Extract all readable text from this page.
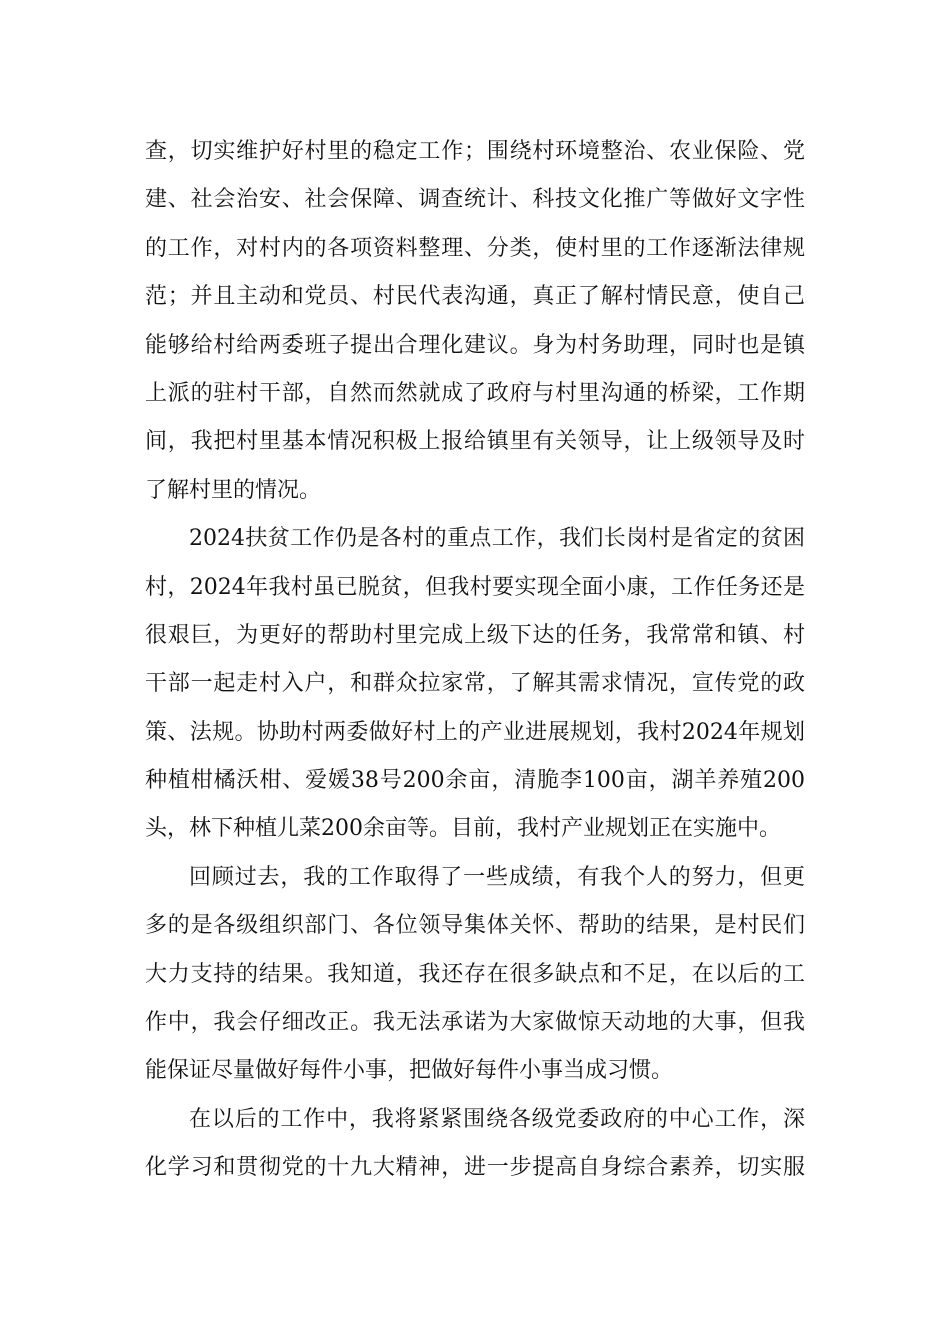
查，切实维护好村里的稳定工作；围绕村环境整治、农业保险、党
建、社会治安、社会保障、调查统计、科技文化推广等做好文字性
的工作，对村内的各项资料整理、分类，使村里的工作逐渐法律规
范；并且主动和党员、村民代表沟通，真正了解村情民意，使自己
能够给村给两委班子提出合理化建议。身为村务助理，同时也是镇
上派的驻村干部，自然而然就成了政府与村里沟通的桥梁，工作期
间，我把村里基本情况积极上报给镇里有关领导，让上级领导及时
了解村里的情况。
2024扶贫工作仍是各村的重点工作，我们长岗村是省定的贫困
村，2024年我村虽已脱贫，但我村要实现全面小康，工作任务还是
很艰巨，为更好的帮助村里完成上级下达的任务，我常常和镇、村
干部一起走村入户，和群众拉家常，了解其需求情况，宣传党的政
策、法规。协助村两委做好村上的产业进展规划，我村2024年规划
种植柑橘沃柑、爱媛38号200余亩，清脆李100亩，湖羊养殖200
头，林下种植儿菜200余亩等。目前，我村产业规划正在实施中。
回顾过去，我的工作取得了一些成绩，有我个人的努力，但更
多的是各级组织部门、各位领导集体关怀、帮助的结果，是村民们
大力支持的结果。我知道，我还存在很多缺点和不足，在以后的工
作中，我会仔细改正。我无法承诺为大家做惊天动地的大事，但我
能保证尽量做好每件小事，把做好每件小事当成习惯。
在以后的工作中，我将紧紧围绕各级党委政府的中心工作，深
化学习和贯彻党的十九大精神，进一步提高自身综合素养，切实服
